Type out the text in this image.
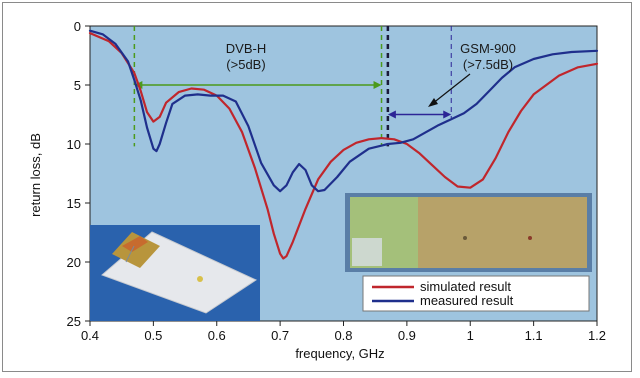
0.4	0.5	0.6	0.7	0.8	0.9	1	1.1	1.2
0
5
10
15
20
25
simulated result
measured result
frequency, GHz
return loss, dB
DVB-H
(>5dB)
GSM-900
(>7.5dB)
